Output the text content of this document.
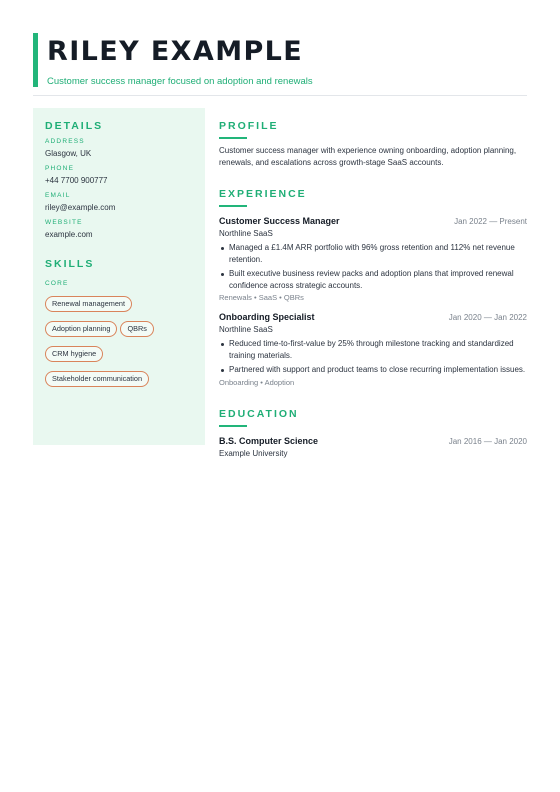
RILEY EXAMPLE
Customer success manager focused on adoption and renewals
DETAILS
ADDRESS
Glasgow, UK
PHONE
+44 7700 900777
EMAIL
riley@example.com
WEBSITE
example.com
SKILLS
CORE
Renewal management
Adoption planning QBRs
CRM hygiene
Stakeholder communication
PROFILE
Customer success manager with experience owning onboarding, adoption planning, renewals, and escalations across growth-stage SaaS accounts.
EXPERIENCE
Customer Success Manager	Jan 2022 — Present
Northline SaaS
Managed a £1.4M ARR portfolio with 96% gross retention and 112% net revenue retention.
Built executive business review packs and adoption plans that improved renewal confidence across strategic accounts.
Renewals • SaaS • QBRs
Onboarding Specialist	Jan 2020 — Jan 2022
Northline SaaS
Reduced time-to-first-value by 25% through milestone tracking and standardized training materials.
Partnered with support and product teams to close recurring implementation issues.
Onboarding • Adoption
EDUCATION
B.S. Computer Science	Jan 2016 — Jan 2020
Example University
